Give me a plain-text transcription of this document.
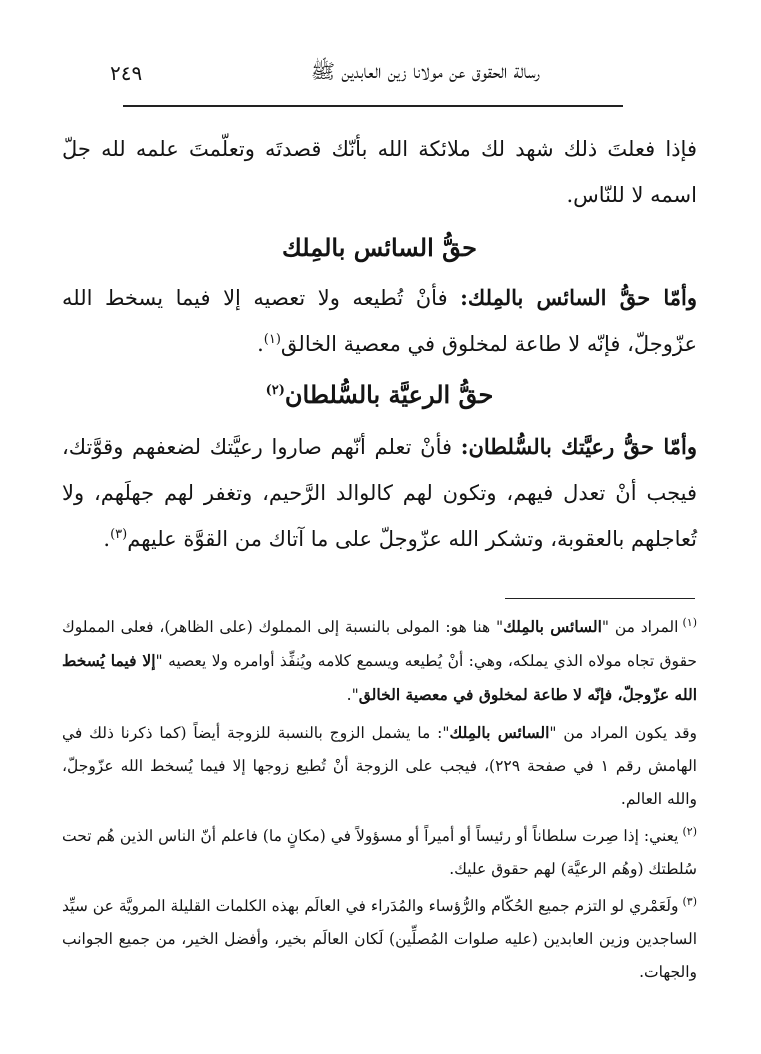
رسالة الحقوق عن مولانا زين العابدين ﷺ
٢٤٩

فإذا فعلتَ ذلك شهد لك ملائكة الله بأنّك قصدتَه وتعلّمتَ علمه لله جلّ اسمه لا للنّاس.

حقُّ السائس بالمِلك

وأمّا حقُّ السائس بالمِلك: فأنْ تُطيعه ولا تعصيه إلا فيما يسخط الله عزّوجلّ، فإنّه لا طاعة لمخلوق في معصية الخالق$^{(١)}$.

حقُّ الرعيَّة بالسُّلطان$^{(٢)}$

وأمّا حقُّ رعيَّتك بالسُّلطان: فأنْ تعلم أنّهم صاروا رعيَّتك لضعفهم وقوَّتك، فيجب أنْ تعدل فيهم، وتكون لهم كالوالد الرَّحيم، وتغفر لهم جهلَهم، ولا تُعاجلهم بالعقوبة، وتشكر الله عزّوجلّ على ما آتاك من القوَّة عليهم$^{(٣)}$.

$^{(١)}$المراد من "السائس بالمِلك" هنا هو: المولى بالنسبة إلى المملوك (على الظاهر)، فعلى المملوك حقوق تجاه مولاه الذي يملكه، وهي: أنْ يُطيعه ويسمع كلامه ويُنفِّذ أوامره ولا يعصيه "إلا فيما يُسخط الله عزّوجلّ، فإنّه لا طاعة لمخلوق في معصية الخالق".

وقد يكون المراد من "السائس بالمِلك": ما يشمل الزوج بالنسبة للزوجة أيضاً (كما ذكرنا ذلك في الهامش رقم ١ في صفحة ٢٢٩)، فيجب على الزوجة أنْ تُطيع زوجها إلا فيما يُسخط الله عزّوجلّ، والله العالم.

$^{(٢)}$يعني: إذا صِرت سلطاناً أو رئيساً أو أميراً أو مسؤولاً في (مكانٍ ما) فاعلم أنّ الناس الذين هُم تحت سُلطتك (وهُم الرعيَّة) لهم حقوق عليك.

$^{(٣)}$ولَعَمْري لو التزم جميع الحُكّام والرُّؤساء والمُدَراء في العالَم بهذه الكلمات القليلة المرويَّة عن سيِّد الساجدين وزين العابدين (عليه صلوات المُصلِّين) لَكان العالَم بخير، وأفضل الخير، من جميع الجوانب والجهات.
